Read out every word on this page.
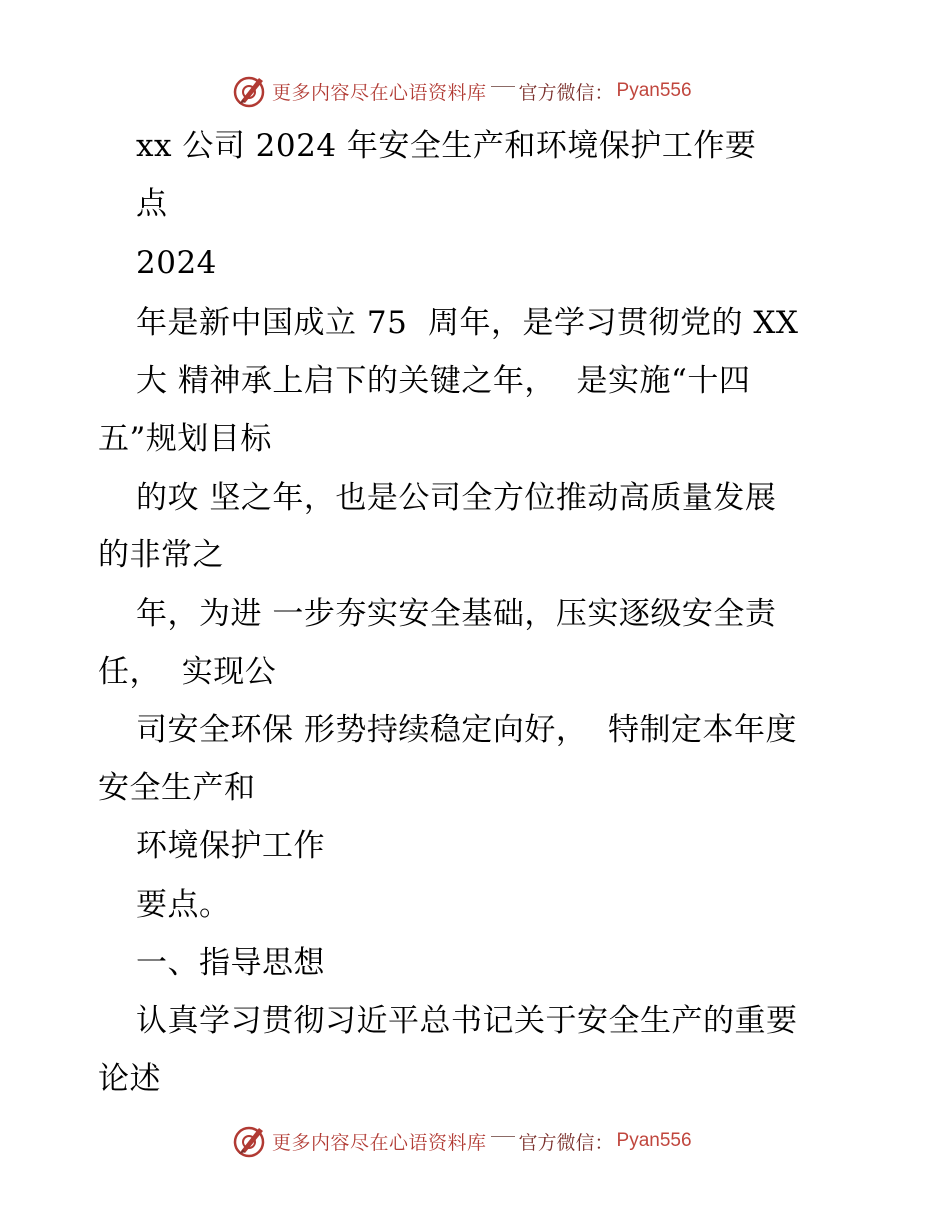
更多内容尽在心语资料库 官方微信： Pyan556
xx 公司 2024 年安全生产和环境保护工作要
点
2024
年是新中国成立 75  周年，是学习贯彻党的 XX
大 精神承上启下的关键之年，  是实施“十四
五”规划目标
的攻 坚之年，也是公司全方位推动高质量发展
的非常之
年，为进 一步夯实安全基础，压实逐级安全责
任，  实现公
司安全环保 形势持续稳定向好，  特制定本年度
安全生产和
环境保护工作
要点。
一、指导思想
认真学习贯彻习近平总书记关于安全生产的重要
论述
更多内容尽在心语资料库 官方微信： Pyan556
